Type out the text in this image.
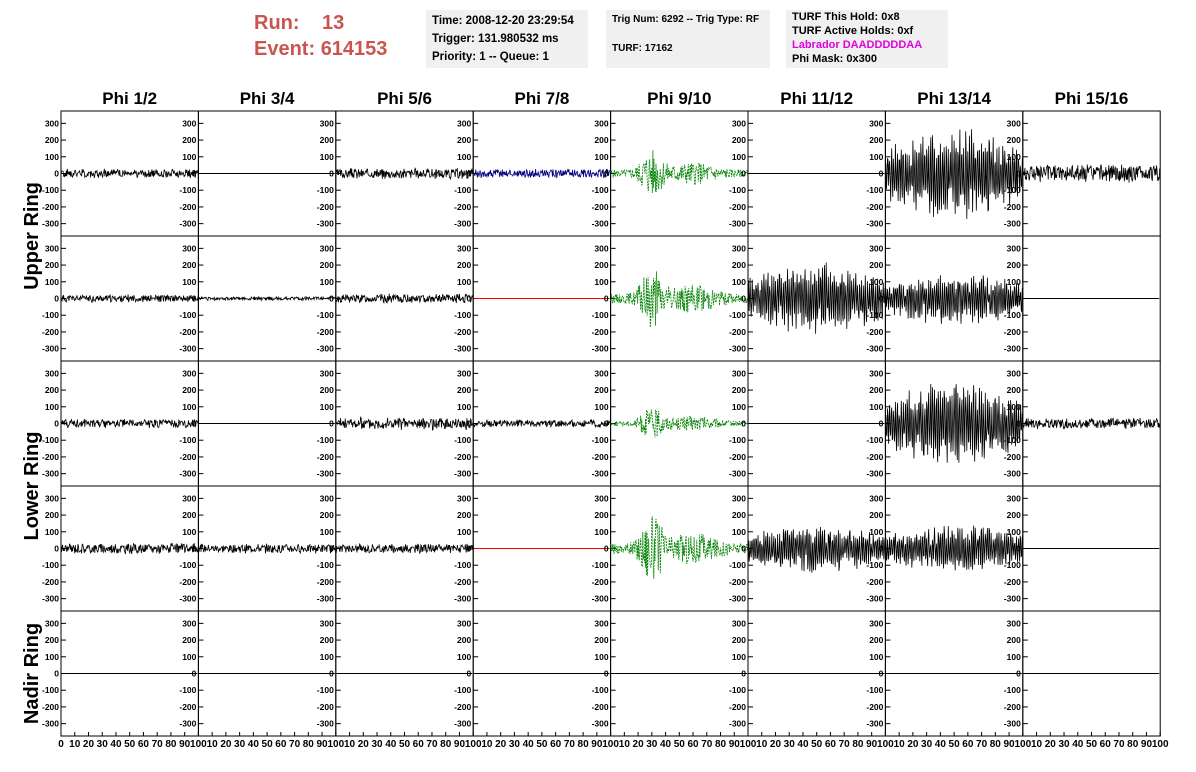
Run: 13
Event: 614153
Time: 2008-12-20 23:29:54
Trigger: 131.980532 ms
Priority: 1 -- Queue: 1
Trig Num: 6292 -- Trig Type: RF
TURF: 17162
TURF This Hold: 0x8
TURF Active Holds: 0xf
Labrador DAADDDDDAA
Phi Mask: 0x300
Phi 1/2	Phi 3/4	Phi 5/6	Phi 7/8	Phi 9/10	Phi 11/12	Phi 13/14	Phi 15/16
Upper Ring
Lower Ring
Nadir Ring
300
200
100
0
-100
-200
-300
300
200
100
0
-100
-200
-300
300
200
100
0
-100
-200
-300
300
200
100
0
-100
-200
-300
300
200
100
0
-100
-200
-300
300
200
100
0
-100
-200
-300
300
200
100
0
-100
-200
-300
300
200
100
0
-100
-200
-300
300
200
100
0
-100
-200
-300
300
200
100
0
-100
-200
-300
300
200
100
0
-100
-200
-300
300
200
100
0
-100
-200
-300
300
200
100
0
-100
-200
-300
300
200
100
0
-100
-200
-300
300
200
100
0
-100
-200
-300
300
200
100
0
-100
-200
-300
300
200
100
0
-100
-200
-300
300
200
100
0
-100
-200
-300
300
200
100
0
-100
-200
-300
300
200
100
0
-100
-200
-300
300
200
100
0
-100
-200
-300
300
200
100
0
-100
-200
-300
300
200
100
0
-100
-200
-300
300
200
100
0
-100
-200
-300
300
200
100
0
-100
-200
-300
300
200
100
0
-100
-200
-300
300
200
100
0
-100
-200
-300
300
200
100
0
-100
-200
-300
300
200
100
0
-100
-200
-300
300
200
100
0
-100
-200
-300
300
200
100
0
-100
-200
-300
300
200
100
0
-100
-200
-300
300
200
100
0
-100
-200
-300
300
200
100
0
-100
-200
-300
300
200
100
0
-100
-200
-300
300
200
100
0
-100
-200
-300
300
200
100
0
-100
-200
-300
300
200
100
0
-100
-200
-300
300
200
100
0
-100
-200
-300
300
200
100
0
-100
-200
-300
0 10 20 30 40 50 60 70 80 90 100 10 20 30 40 50 60 70 80 90 100 10 20 30 40 50 60 70 80 90 100 10 20 30 40 50 60 70 80 90 100 10 20 30 40 50 60 70 80 90 100 10 20 30 40 50 60 70 80 90 100 10 20 30 40 50 60 70 80 90 100 10 20 30 40 50 60 70 80 90 100
